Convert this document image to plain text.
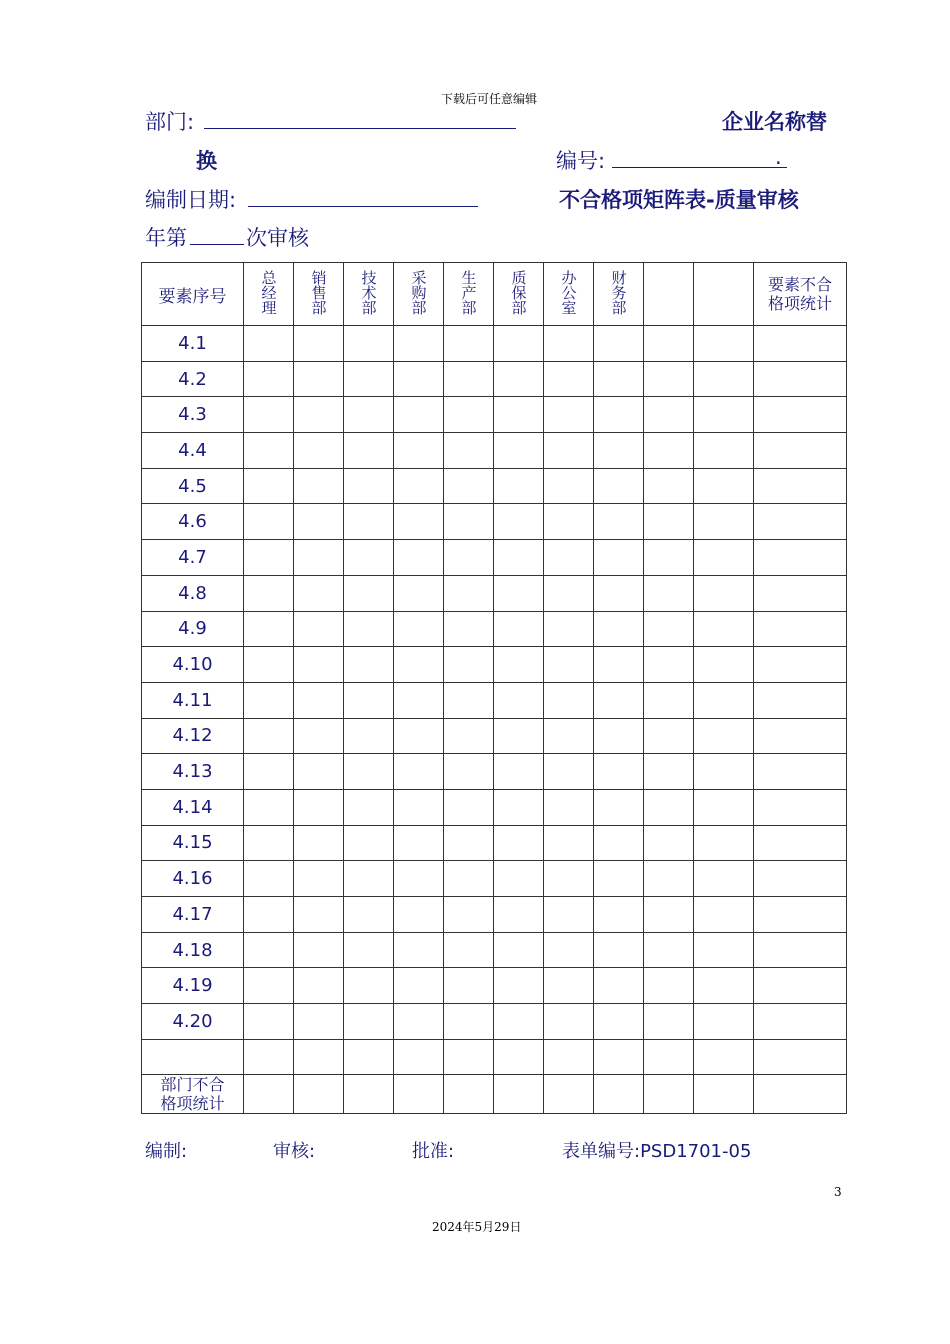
下载后可任意编辑
部门:	企业名称替
换	编号:	.
编制日期:	不合格项矩阵表-质量审核
年第	次审核
要素序号	总经理	销售部	技术部	采购部	生产部	质保部	办公室	财务部			要素不合
格项统计
4.1											
4.2											
4.3											
4.4											
4.5											
4.6											
4.7											
4.8											
4.9											
4.10											
4.11											
4.12											
4.13											
4.14											
4.15											
4.16											
4.17											
4.18											
4.19											
4.20											

部门不合
格项统计											
编制:	审核:	批准:	表单编号:PSD1701-05
3
2024年5月29日
